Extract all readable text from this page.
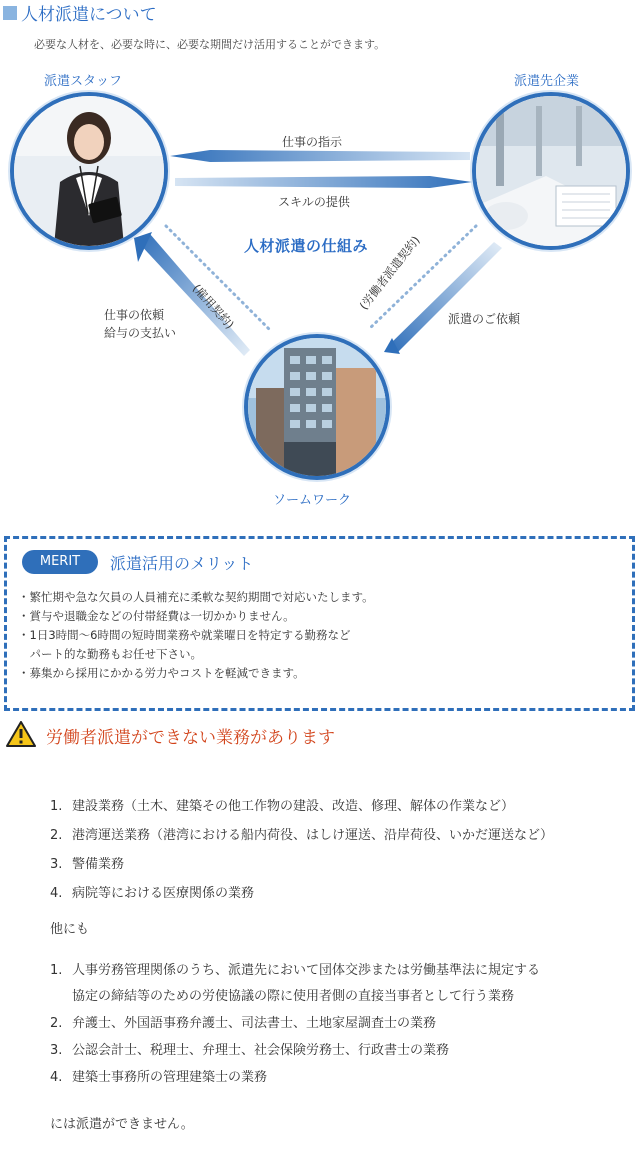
人材派遣について
必要な人材を、必要な時に、必要な期間だけ活用することができます。
派遣スタッフ	派遣先企業
ソームワーク
仕事の指示
スキルの提供
人材派遣の仕組み
(雇用契約)	(労働者派遣契約)
仕事の依頼
給与の支払い
派遣のご依頼
MERIT	派遣活用のメリット
・繁忙期や急な欠員の人員補充に柔軟な契約期間で対応いたします。
・賞与や退職金などの付帯経費は一切かかりません。
・1日3時間～6時間の短時間業務や就業曜日を特定する勤務など
　パート的な勤務もお任せ下さい。
・募集から採用にかかる労力やコストを軽減できます。
労働者派遣ができない業務があります
1. 建設業務（土木、建築その他工作物の建設、改造、修理、解体の作業など）
2. 港湾運送業務（港湾における船内荷役、はしけ運送、沿岸荷役、いかだ運送など）
3. 警備業務
4. 病院等における医療関係の業務
他にも
1. 人事労務管理関係のうち、派遣先において団体交渉または労働基準法に規定する
協定の締結等のための労使協議の際に使用者側の直接当事者として行う業務
2. 弁護士、外国語事務弁護士、司法書士、土地家屋調査士の業務
3. 公認会計士、税理士、弁理士、社会保険労務士、行政書士の業務
4. 建築士事務所の管理建築士の業務
には派遣ができません。
